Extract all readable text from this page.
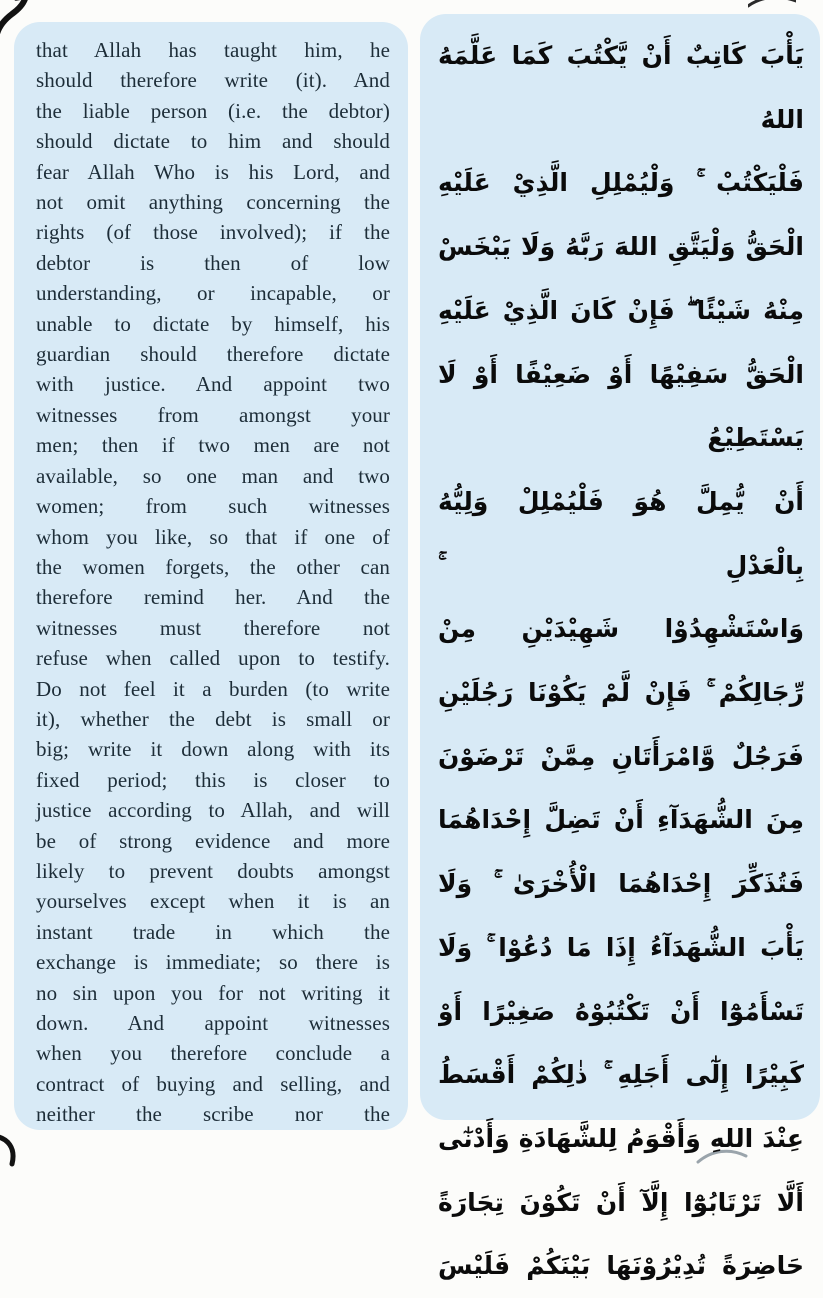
that Allah has taught him, he

should therefore write (it). And

the liable person (i.e. the debtor)

should dictate to him and should

fear Allah Who is his Lord, and

not omit anything concerning the

rights (of those involved); if the

debtor is then of low

understanding, or incapable, or

unable to dictate by himself, his

guardian should therefore dictate

with justice. And appoint two

witnesses from amongst your

men; then if two men are not

available, so one man and two

women; from such witnesses

whom you like, so that if one of

the women forgets, the other can

therefore remind her. And the

witnesses must therefore not

refuse when called upon to testify.

Do not feel it a burden (to write

it), whether the debt is small or

big; write it down along with its

fixed period; this is closer to

justice according to Allah, and will

be of strong evidence and more

likely to prevent doubts amongst

yourselves except when it is an

instant trade in which the

exchange is immediate; so there is

no sin upon you for not writing it

down. And appoint witnesses

when you therefore conclude a

contract of buying and selling, and

neither the scribe nor the

يَأْبَ كَاتِبٌ أَنْ يَّكْتُبَ كَمَا عَلَّمَهُ اللهُ

فَلْيَكْتُبْ ۚ وَلْيُمْلِلِ الَّذِيْ عَلَيْهِ

الْحَقُّ وَلْيَتَّقِ اللهَ رَبَّهُ وَلَا يَبْخَسْ

مِنْهُ شَيْئًا ۖ فَإِنْ كَانَ الَّذِيْ عَلَيْهِ

الْحَقُّ سَفِيْهًا أَوْ ضَعِيْفًا أَوْ لَا يَسْتَطِيْعُ

أَنْ يُّمِلَّ هُوَ فَلْيُمْلِلْ وَلِيُّهُ بِالْعَدْلِ ۚ

وَاسْتَشْهِدُوْا شَهِيْدَيْنِ مِنْ

رِّجَالِكُمْ ۚ فَإِنْ لَّمْ يَكُوْنَا رَجُلَيْنِ

فَرَجُلٌ وَّامْرَأَتَانِ مِمَّنْ تَرْضَوْنَ

مِنَ الشُّهَدَآءِ أَنْ تَضِلَّ إِحْدَاهُمَا

فَتُذَكِّرَ إِحْدَاهُمَا الْأُخْرَىٰ ۚ وَلَا

يَأْبَ الشُّهَدَآءُ إِذَا مَا دُعُوْا ۚ وَلَا

تَسْأَمُوْٓا أَنْ تَكْتُبُوْهُ صَغِيْرًا أَوْ

كَبِيْرًا إِلٰٓى أَجَلِهِ ۚ ذٰلِكُمْ أَقْسَطُ

عِنْدَ اللهِ وَأَقْوَمُ لِلشَّهَادَةِ وَأَدْنٰٓى

أَلَّا تَرْتَابُوْٓا إِلَّآ أَنْ تَكُوْنَ تِجَارَةً

حَاضِرَةً تُدِيْرُوْنَهَا بَيْنَكُمْ فَلَيْسَ
